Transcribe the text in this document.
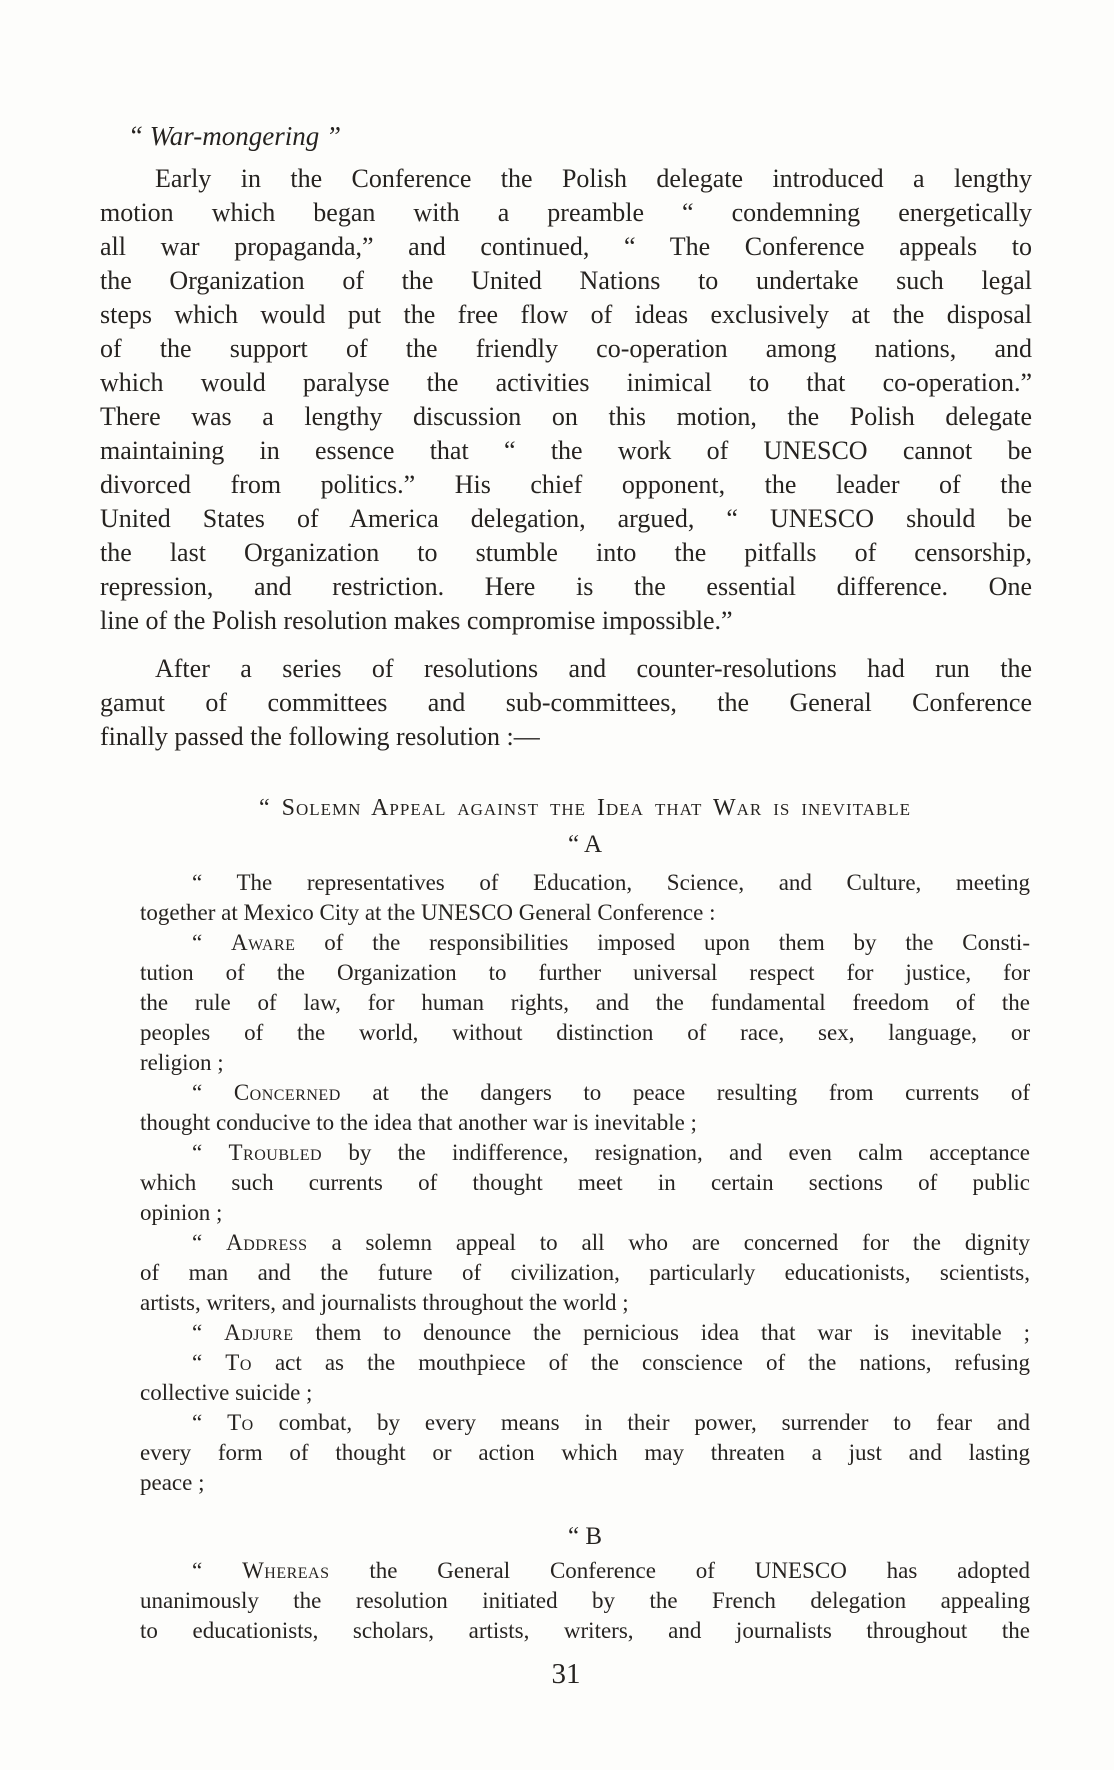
“ War-mongering ”
Early in the Conference the Polish delegate introduced a lengthy
motion which began with a preamble “ condemning energetically
all war propaganda,” and continued, “ The Conference appeals to
the Organization of the United Nations to undertake such legal
steps which would put the free flow of ideas exclusively at the disposal
of the support of the friendly co-operation among nations, and
which would paralyse the activities inimical to that co-operation.”
There was a lengthy discussion on this motion, the Polish delegate
maintaining in essence that “ the work of UNESCO cannot be
divorced from politics.” His chief opponent, the leader of the
United States of America delegation, argued, “ UNESCO should be
the last Organization to stumble into the pitfalls of censorship,
repression, and restriction. Here is the essential difference. One
line of the Polish resolution makes compromise impossible.”
After a series of resolutions and counter-resolutions had run the
gamut of committees and sub-committees, the General Conference
finally passed the following resolution :—
“ Solemn Appeal against the Idea that War is inevitable
“ A
“ The representatives of Education, Science, and Culture, meeting
together at Mexico City at the UNESCO General Conference :
“ Aware of the responsibilities imposed upon them by the Consti-
tution of the Organization to further universal respect for justice, for
the rule of law, for human rights, and the fundamental freedom of the
peoples of the world, without distinction of race, sex, language, or
religion ;
“ Concerned at the dangers to peace resulting from currents of
thought conducive to the idea that another war is inevitable ;
“ Troubled by the indifference, resignation, and even calm acceptance
which such currents of thought meet in certain sections of public
opinion ;
“ Address a solemn appeal to all who are concerned for the dignity
of man and the future of civilization, particularly educationists, scientists,
artists, writers, and journalists throughout the world ;
“ Adjure them to denounce the pernicious idea that war is inevitable ;
“ To act as the mouthpiece of the conscience of the nations, refusing
collective suicide ;
“ To combat, by every means in their power, surrender to fear and
every form of thought or action which may threaten a just and lasting
peace ;
“ B
“ Whereas the General Conference of UNESCO has adopted
unanimously the resolution initiated by the French delegation appealing
to educationists, scholars, artists, writers, and journalists throughout the
31
